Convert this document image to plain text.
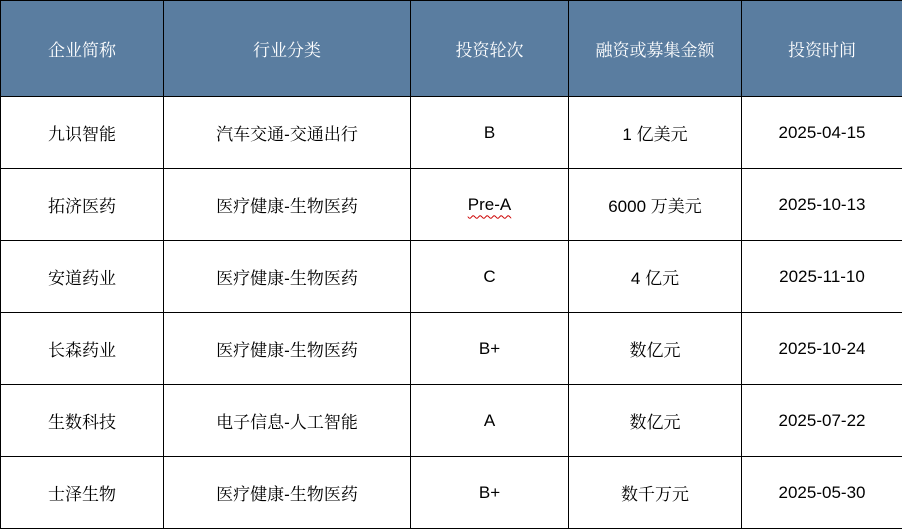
企业简称	行业分类	投资轮次	融资或募集金额	投资时间
九识智能	汽车交通-交通出行	B	1 亿美元	2025-04-15
拓济医药	医疗健康-生物医药	Pre-A	6000 万美元	2025-10-13
安道药业	医疗健康-生物医药	C	4 亿元	2025-11-10
长森药业	医疗健康-生物医药	B+	数亿元	2025-10-24
生数科技	电子信息-人工智能	A	数亿元	2025-07-22
士泽生物	医疗健康-生物医药	B+	数千万元	2025-05-30
